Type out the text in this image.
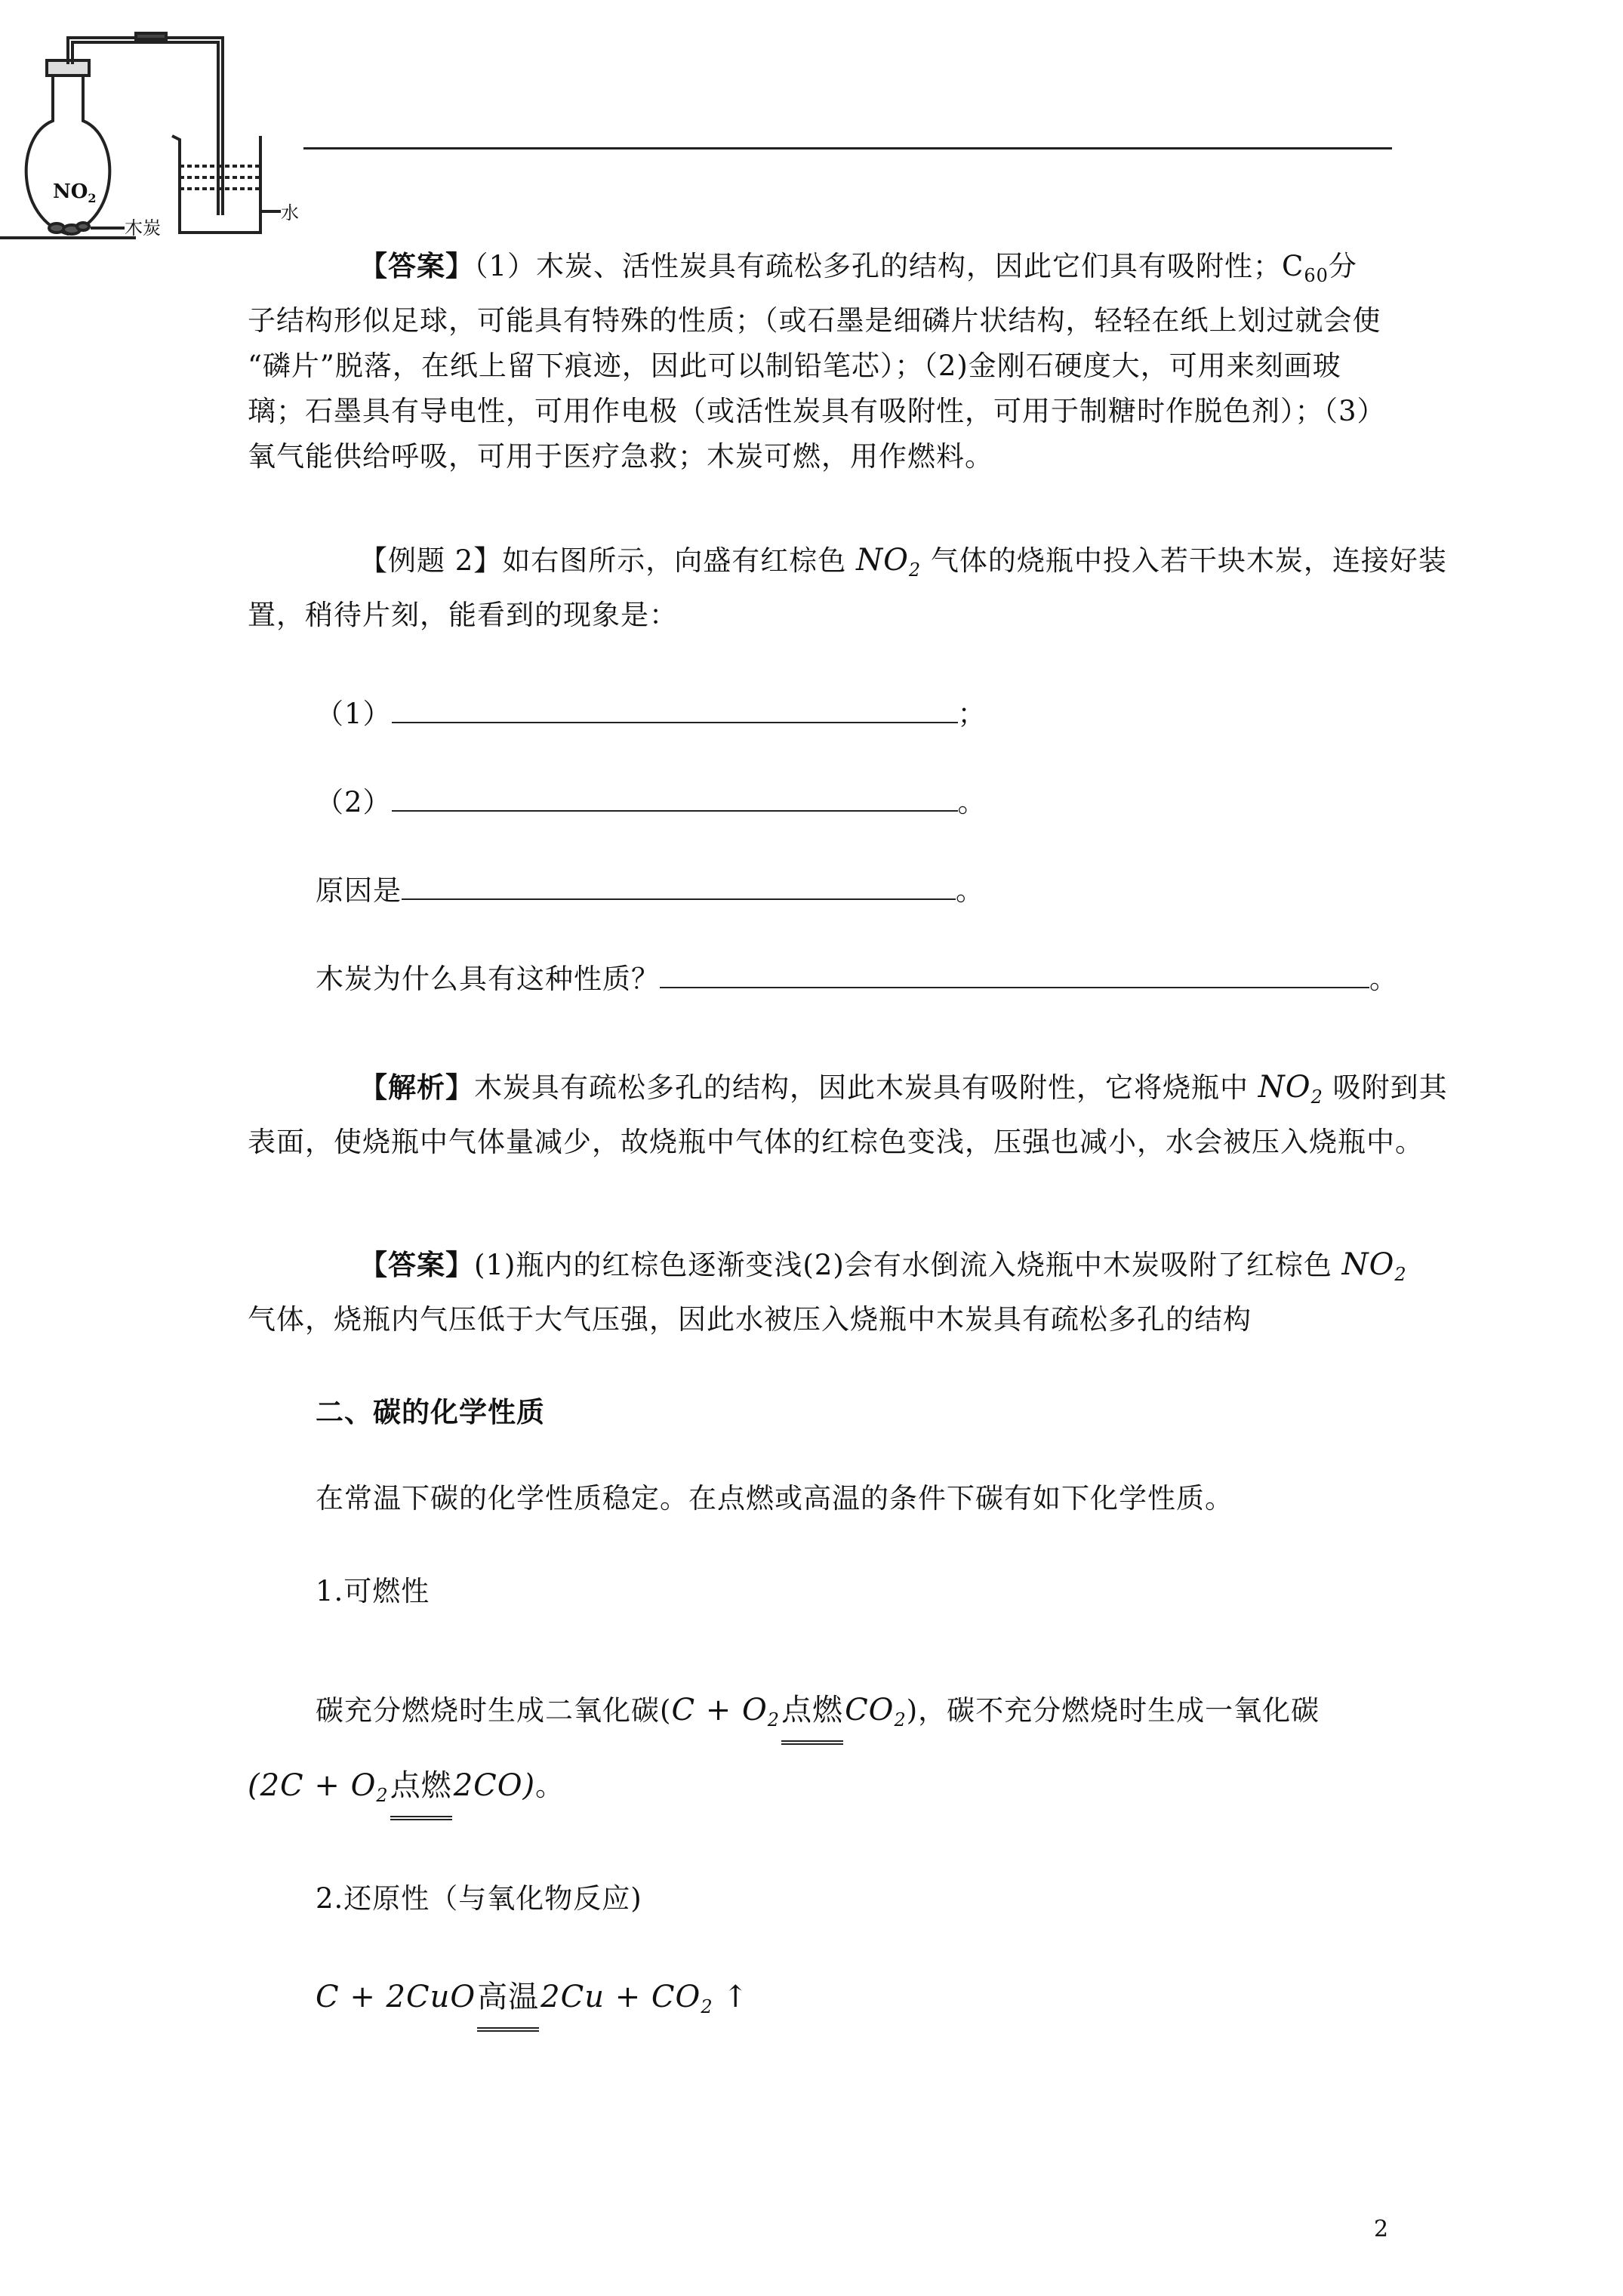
$NO_2$
木炭
水
【答案】（1）木炭、活性炭具有疏松多孔的结构，因此它们具有吸附性；$C_{60}$分
子结构形似足球，可能具有特殊的性质；（或石墨是细磷片状结构，轻轻在纸上划过就会使
“磷片”脱落，在纸上留下痕迹，因此可以制铅笔芯）；（2)金刚石硬度大，可用来刻画玻
璃；石墨具有导电性，可用作电极（或活性炭具有吸附性，可用于制糖时作脱色剂）；（3）
氧气能供给呼吸，可用于医疗急救；木炭可燃，用作燃料。
【例题 2】如右图所示，向盛有红棕色 $NO_2$ 气体的烧瓶中投入若干块木炭，连接好装
置，稍待片刻，能看到的现象是：
（1）	；
（2）	。
原因是	。
木炭为什么具有这种性质？	。
【解析】木炭具有疏松多孔的结构，因此木炭具有吸附性，它将烧瓶中 $NO_2$ 吸附到其
表面，使烧瓶中气体量减少，故烧瓶中气体的红棕色变浅，压强也减小，水会被压入烧瓶中。
【答案】(1)瓶内的红棕色逐渐变浅(2)会有水倒流入烧瓶中木炭吸附了红棕色 $NO_2$
气体，烧瓶内气压低于大气压强，因此水被压入烧瓶中木炭具有疏松多孔的结构
二、碳的化学性质
在常温下碳的化学性质稳定。在点燃或高温的条件下碳有如下化学性质。
1.可燃性
碳充分燃烧时生成二氧化碳($C + O_2$点燃$CO_2$)，碳不充分燃烧时生成一氧化碳
($2C + O_2$点燃2CO)。
2.还原性（与氧化物反应)
C + 2CuO高温$2Cu + CO_2$ ↑
2
